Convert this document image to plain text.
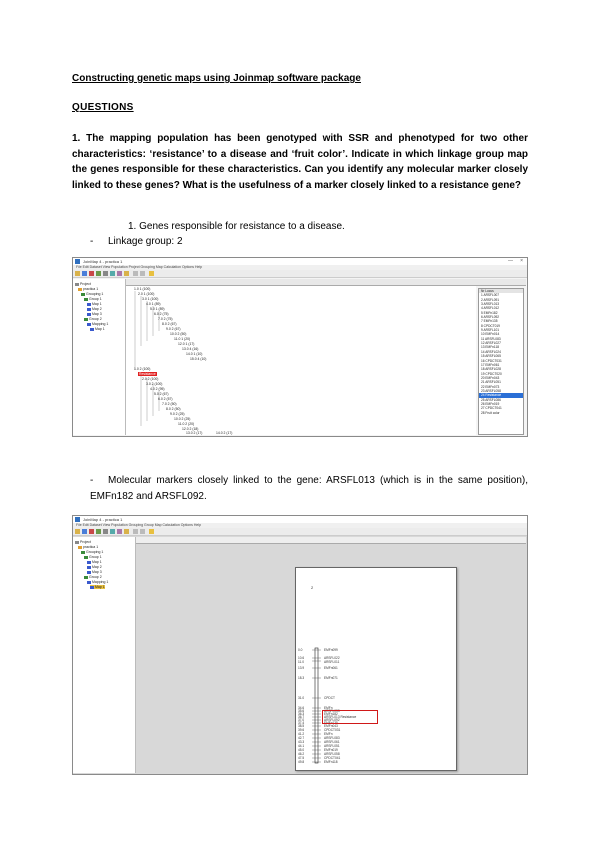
Constructing genetic maps using Joinmap software package
QUESTIONS
1. The mapping population has been genotyped with SSR and phenotyped for two other characteristics: ‘resistance’ to a disease and ‘fruit color’. Indicate in which linkage group map the genes responsible for these characteristics. Can you identify any molecular marker closely linked to these genes? What is the usefulness of a marker closely linked to a resistance gene?
1. Genes responsible for resistance to a disease.
- Linkage group: 2
- Molecular markers closely linked to the gene: ARSFL013 (which is in the same position), EMFn182 and ARSFL092.
JoinMap 4 - practica 1	— ×
File Edit Dataset View Population Project Grouping Map Calculation Options Help
Project
practica 1
Grouping 1
Group 1
Map 1
Map 2
Map 3
Group 2
Mapping 1
Map 1
1.0 1 (100)
2.0 1 (100)
3.0 1 (100)
4.0 1 (89)
5.0 1 (89)
6.0 2 (75)
7.0 2 (75)
8.0 2 (67)
9.0 2 (67)
10.0 2 (50)
11.0 1 (20)
12.0 1 (17)
13.0 4 (16)
14.0 1 (10)
15.0 4 (10)
1.0 2 (100)
Resistance
2.0 2 (100)
3.0 2 (100)
4.0 2 (95)
5.0 2 (67)
6.0 2 (57)
7.0 2 (50)
8.0 2 (50)
9.0 2 (25)
10.0 2 (25)
11.0 2 (20)
12.0 2 (18)
13.0 2 (17)	14.0 2 (17)
Nr Locus
1 ARSFL007
2 ARSFL091
3 ARSFL013
4 ARSFL012
5 EMFn182
6 ARSFL092
7 EMFn135
8 CPDCT019
9 ARSFL101
10 EMFn014
11 ARSFL083
12 ARSFL027
13 EMFn118
14 ARSFL024
15 ARSFL065
16 CPDCT031
17 EMFn061
18 ARSFL028
19 CPDCT020
20 EMFn043
21 ARSFL051
22 EMFn073
23 ARSFL058
24 Resistance
25 ARSFL086
26 EMFn019
27 CPDCT041
28 Fruit color
JoinMap 4 - practica 1
File Edit Dataset View Population Grouping Group Map Calculation Options Help
Project
practica 1
Grouping 1
Group 1
Map 1
Map 2
Map 3
Group 2
Mapping 1
Map 1	2
0.0	EMFn099
10.6	ARSFL022
11.0	ARSFL011
13.9	EMFn061
18.3	EMFn071
31.0	CPDCT
34.6	EMFn
35.6	ARSFL033
36.3	EMFn182
36.7	ARSFL013 Resistance
37.0	ARSFL092
37.4	EMFn135
38.5	EMFn043
39.6	CPDCT031
41.2	EMFn
42.7	ARSFL083
43.3	ARSFL061
44.1	ARSFL051
45.0	EMFn019
46.2	ARSFL058
47.5	CPDCT041
49.8	EMFn118
